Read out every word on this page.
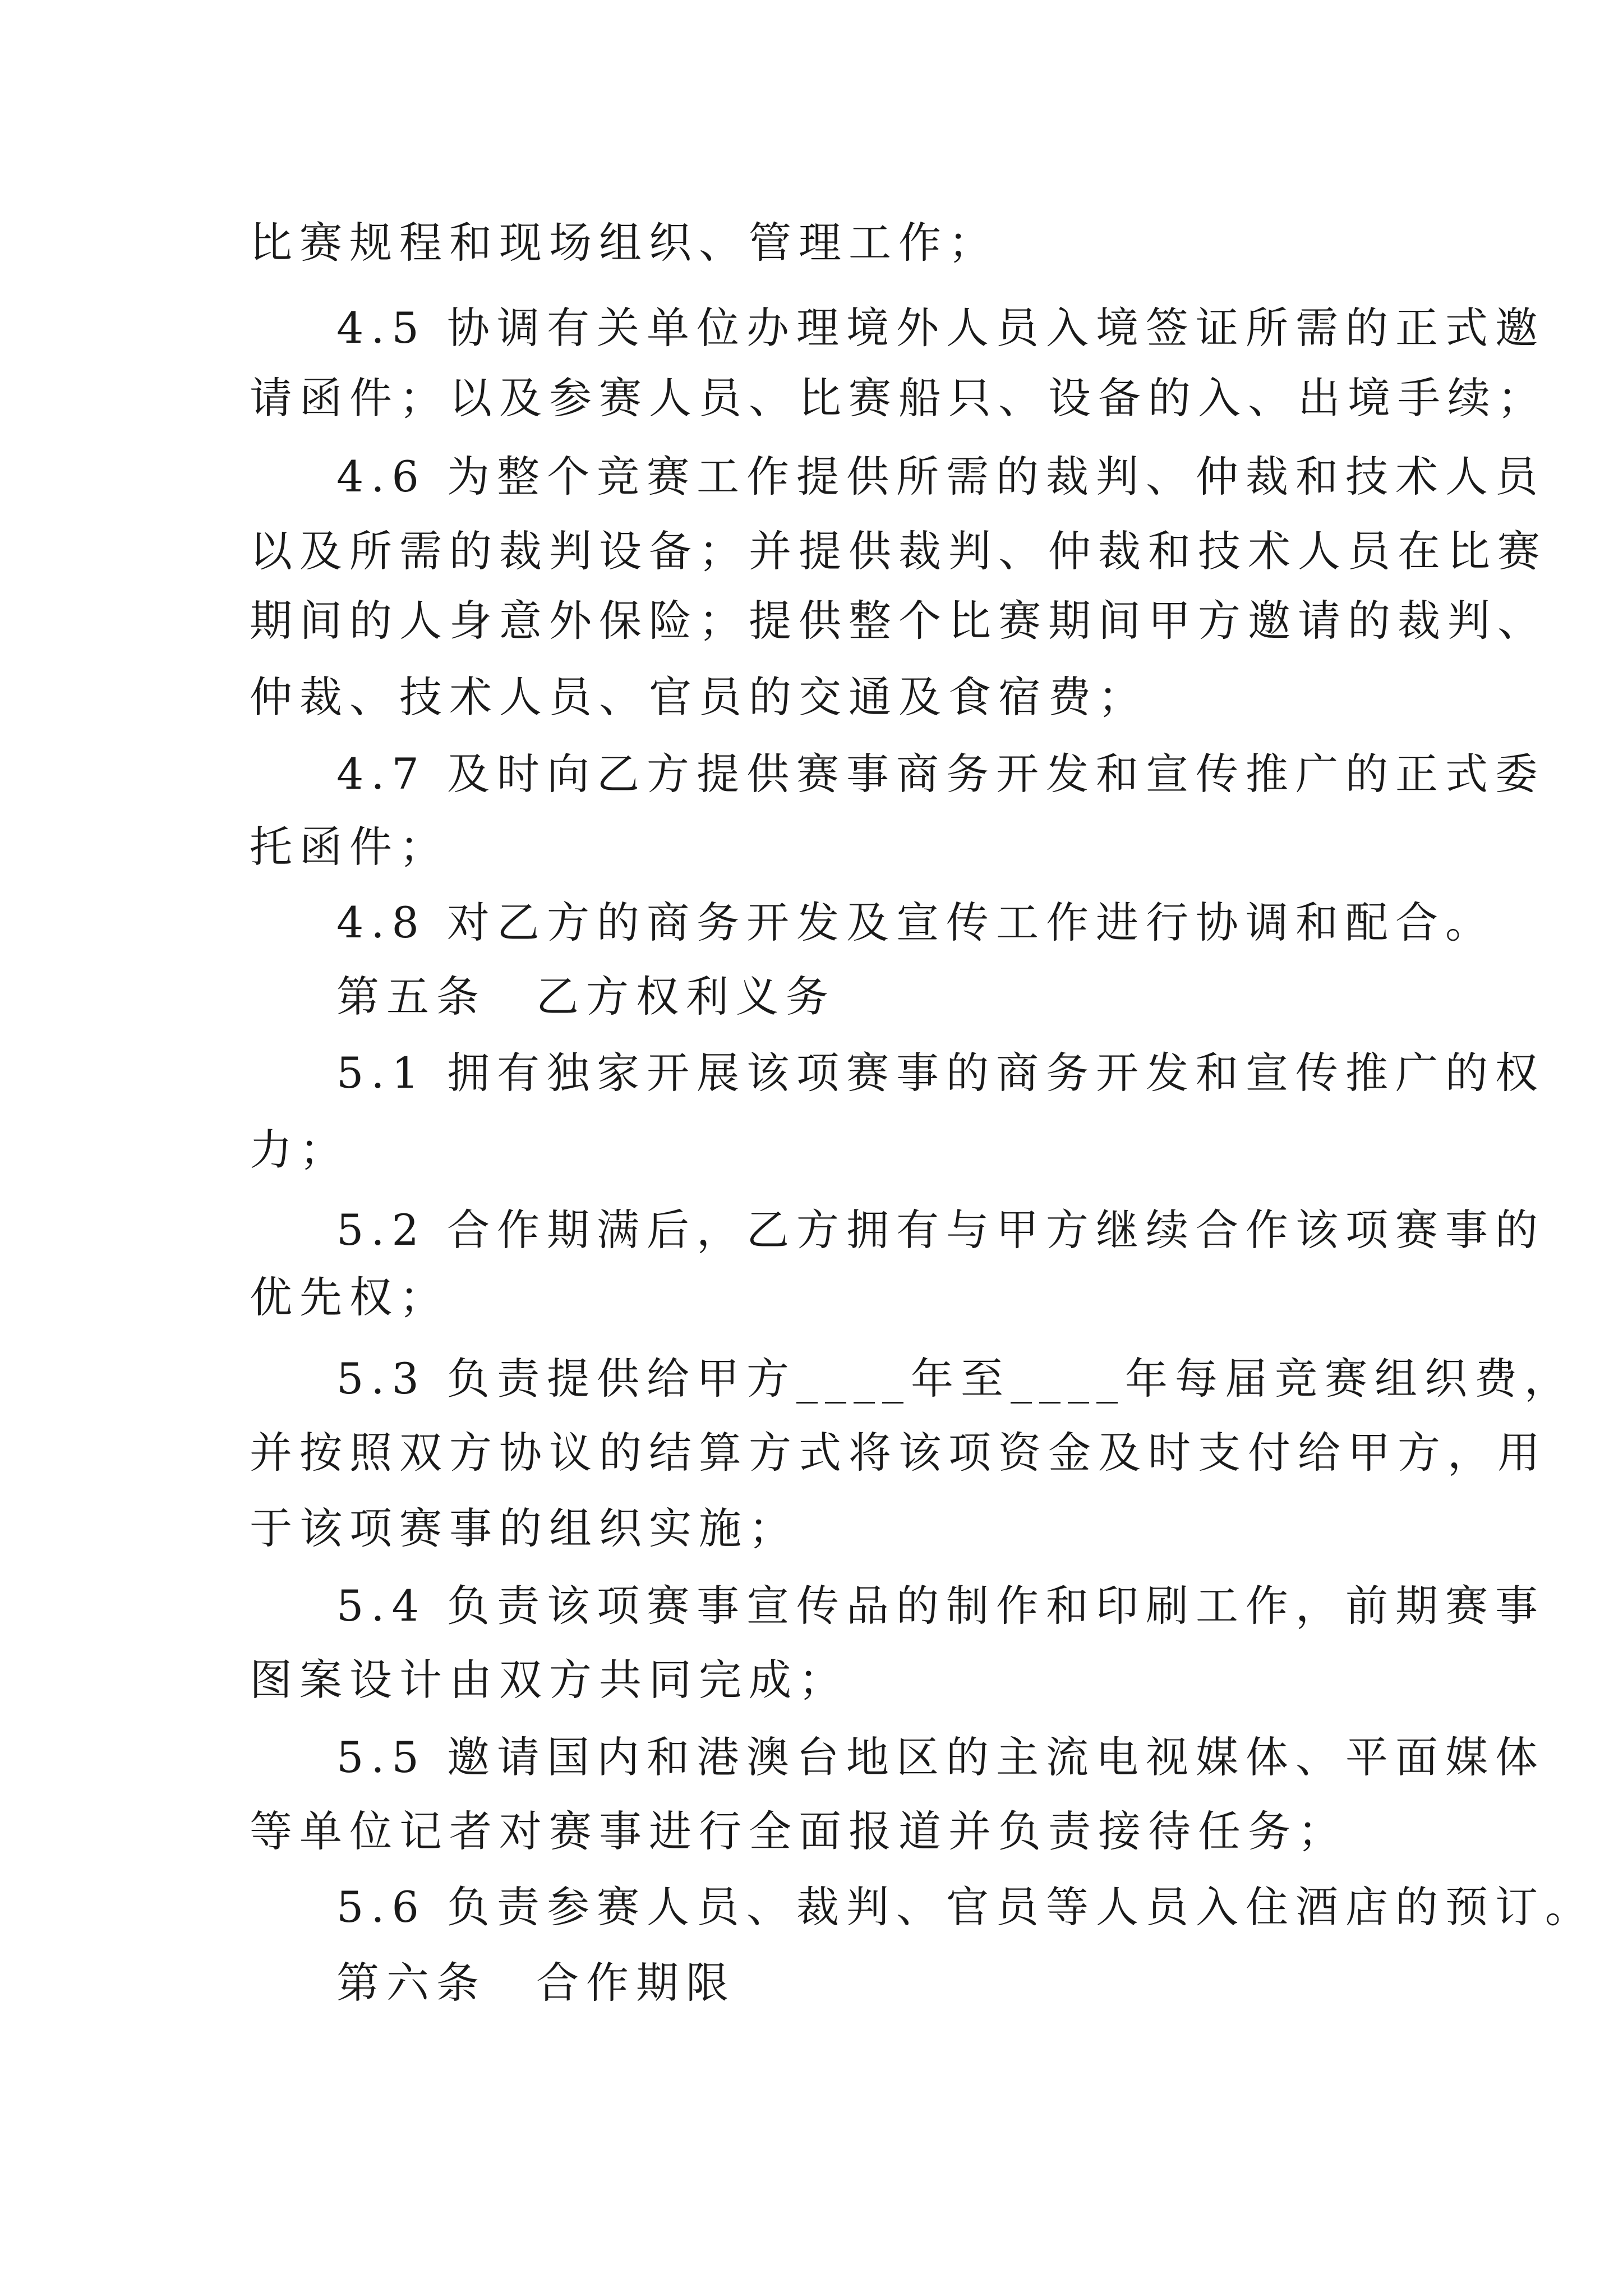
比赛规程和现场组织、管理工作；
4.5 协调有关单位办理境外人员入境签证所需的正式邀
请函件；以及参赛人员、比赛船只、设备的入、出境手续；
4.6 为整个竞赛工作提供所需的裁判、仲裁和技术人员
以及所需的裁判设备；并提供裁判、仲裁和技术人员在比赛
期间的人身意外保险；提供整个比赛期间甲方邀请的裁判、
仲裁、技术人员、官员的交通及食宿费；
4.7 及时向乙方提供赛事商务开发和宣传推广的正式委
托函件；
4.8 对乙方的商务开发及宣传工作进行协调和配合。
第五条　乙方权利义务
5.1 拥有独家开展该项赛事的商务开发和宣传推广的权
力；
5.2 合作期满后，乙方拥有与甲方继续合作该项赛事的
优先权；
5.3 负责提供给甲方____年至____年每届竞赛组织费，
并按照双方协议的结算方式将该项资金及时支付给甲方，用
于该项赛事的组织实施；
5.4 负责该项赛事宣传品的制作和印刷工作，前期赛事
图案设计由双方共同完成；
5.5 邀请国内和港澳台地区的主流电视媒体、平面媒体
等单位记者对赛事进行全面报道并负责接待任务；
5.6 负责参赛人员、裁判、官员等人员入住酒店的预订。
第六条　合作期限
